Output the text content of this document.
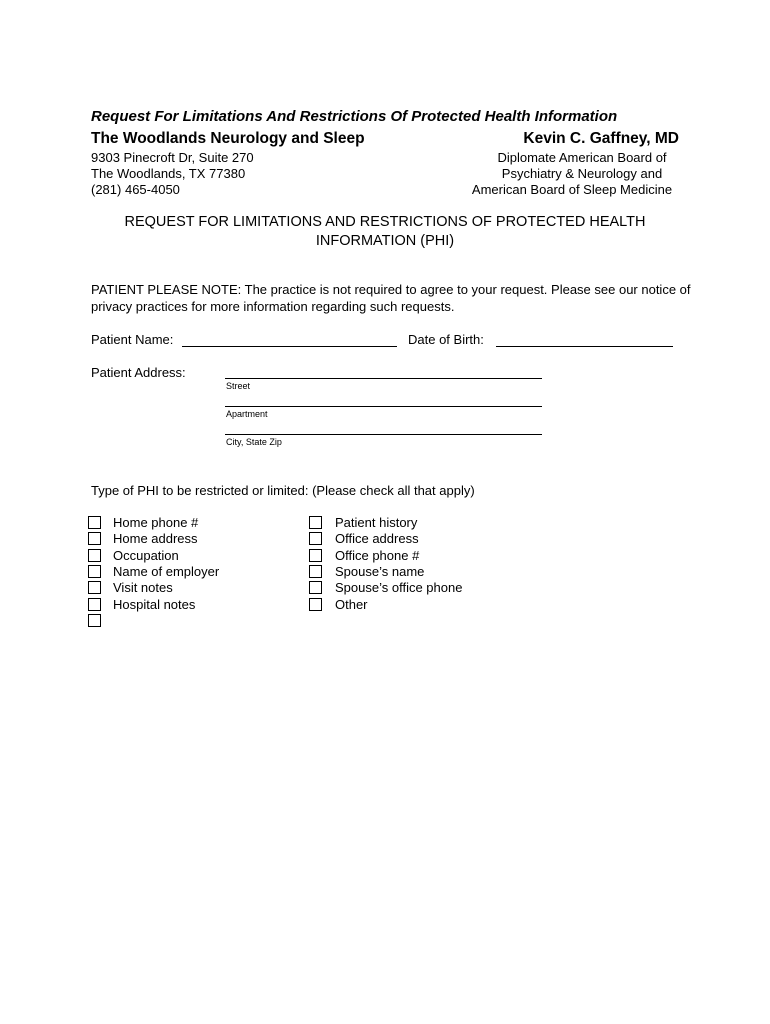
Request For Limitations And Restrictions Of Protected Health Information
The Woodlands Neurology and Sleep	Kevin C. Gaffney, MD
9303 Pinecroft Dr, Suite 270
The Woodlands, TX 77380
(281) 465-4050
Diplomate American Board of
Psychiatry & Neurology and
American Board of Sleep Medicine
REQUEST FOR LIMITATIONS AND RESTRICTIONS OF PROTECTED HEALTH
INFORMATION (PHI)
PATIENT PLEASE NOTE: The practice is not required to agree to your request. Please see our notice of privacy practices for more information regarding such requests.
Patient Name:	Date of Birth:
Patient Address:
Street
Apartment
City, State Zip
Type of PHI to be restricted or limited: (Please check all that apply)
Home phone #
Home address
Occupation
Name of employer
Visit notes
Hospital notes
Patient history
Office address
Office phone #
Spouse’s name
Spouse’s office phone
Other
